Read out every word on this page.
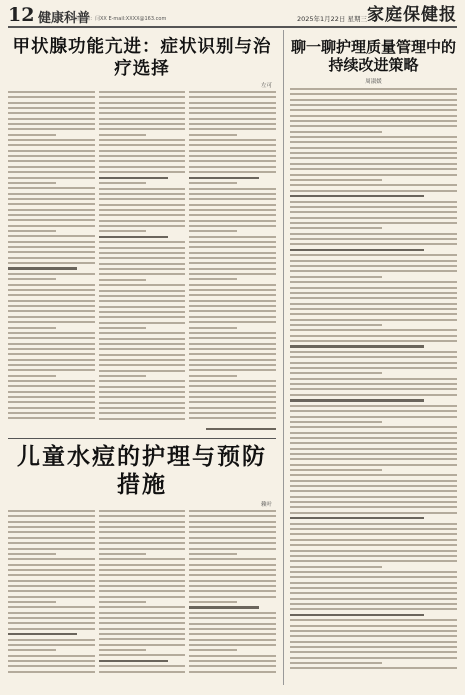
12 健康科普
责任编辑：闫XX E-mail:XXXX@163.com	2025年1月22日 星期三 家庭保健报
甲状腺功能亢进：症状识别与治疗选择
左可
儿童水痘的护理与预防措施
赖叶
聊一聊护理质量管理中的
持续改进策略
周淑媛
